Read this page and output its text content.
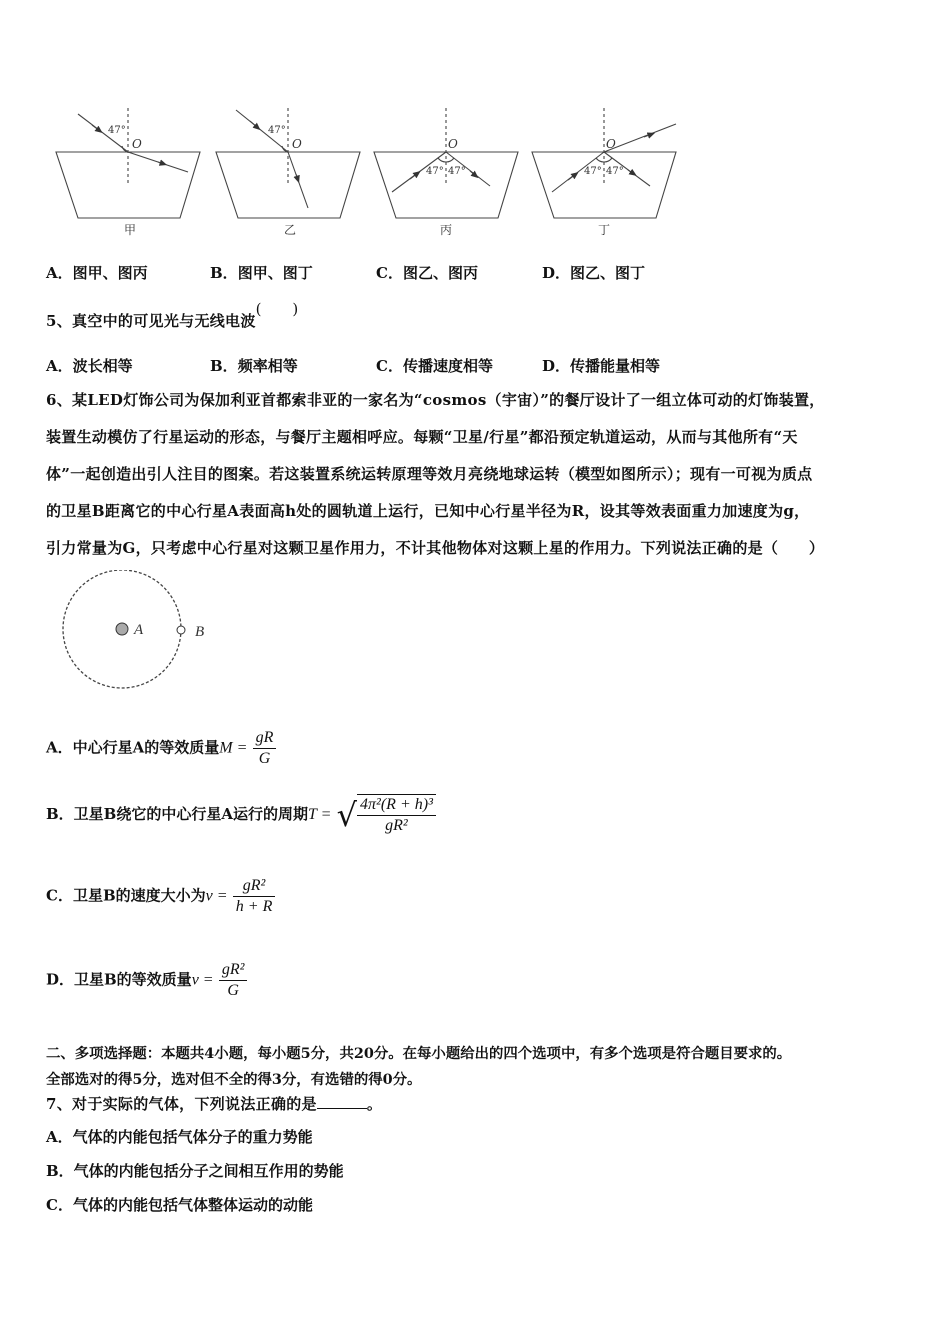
47°
O
47°
O	O
47° 47°
O
47° 47°
甲	乙	丙	丁
A．图甲、图丙	B．图甲、图丁	C．图乙、图丙	D．图乙、图丁
5、真空中的可见光与无线电波(　　)
A．波长相等	B．频率相等	C．传播速度相等	D．传播能量相等
6、某LED灯饰公司为保加利亚首都索非亚的一家名为“cosmos（宇宙）”的餐厅设计了一组立体可动的灯饰装置，
装置生动模仿了行星运动的形态，与餐厅主题相呼应。每颗“卫星/行星”都沿预定轨道运动，从而与其他所有“天
体”一起创造出引人注目的图案。若这装置系统运转原理等效月亮绕地球运转（模型如图所示）；现有一可视为质点
的卫星B距离它的中心行星A表面高h处的圆轨道上运行，已知中心行星半径为R，设其等效表面重力加速度为g，
引力常量为G，只考虑中心行星对这颗卫星作用力，不计其他物体对这颗上星的作用力。下列说法正确的是（　　）
A	B
A．中心行星A的等效质量$M = \frac{gR}{G}$
B．卫星B绕它的中心行星A运行的周期T = √ $\frac{\text{4π²(R + h)³}}{\text{gR²}}$
C．卫星B的速度大小为$v = \frac{\text{gR²}}{h + R}$
D．卫星B的等效质量$v = \frac{\text{gR²}}{G}$
二、多项选择题：本题共4小题，每小题5分，共20分。在每小题给出的四个选项中，有多个选项是符合题目要求的。
全部选对的得5分，选对但不全的得3分，有选错的得0分。
7、对于实际的气体，下列说法正确的是	。
A．气体的内能包括气体分子的重力势能
B．气体的内能包括分子之间相互作用的势能
C．气体的内能包括气体整体运动的动能
